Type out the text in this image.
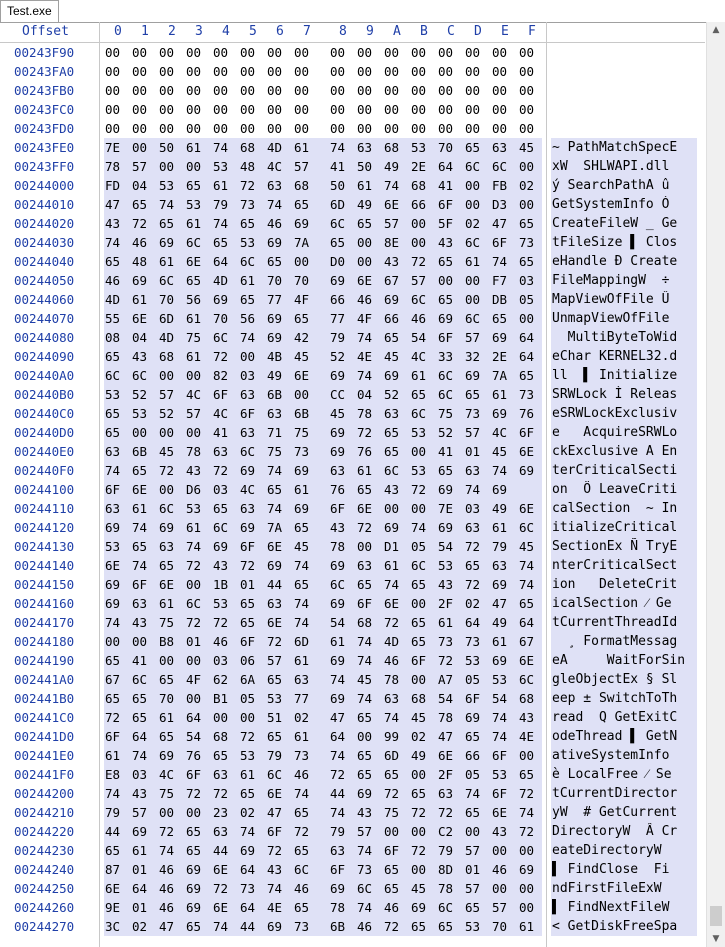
Test.exe
Offset	0 1 2 3 4 5 6 7 8 9 A B C D E F
00243F90 00 00 00 00 00 00 00 00 00 00 00 00 00 00 00 00
00243FA0 00 00 00 00 00 00 00 00 00 00 00 00 00 00 00 00
00243FB0 00 00 00 00 00 00 00 00 00 00 00 00 00 00 00 00
00243FC0 00 00 00 00 00 00 00 00 00 00 00 00 00 00 00 00
00243FD0 00 00 00 00 00 00 00 00 00 00 00 00 00 00 00 00
00243FE0 7E 00 50 61 74 68 4D 61 74 63 68 53 70 65 63 45 ~ PathMatchSpecE
00243FF0 78 57 00 00 53 48 4C 57 41 50 49 2E 64 6C 6C 00 xW  SHLWAPI.dll
00244000 FD 04 53 65 61 72 63 68 50 61 74 68 41 00 FB 02 ý SearchPathA û
00244010 47 65 74 53 79 73 74 65 6D 49 6E 66 6F 00 D3 00 GetSystemInfo Ó
00244020 43 72 65 61 74 65 46 69 6C 65 57 00 5F 02 47 65 CreateFileW _ Ge
00244030 74 46 69 6C 65 53 69 7A 65 00 8E 00 43 6C 6F 73 tFileSize ▌ Clos
00244040 65 48 61 6E 64 6C 65 00 D0 00 43 72 65 61 74 65 eHandle Ð Create
00244050 46 69 6C 65 4D 61 70 70 69 6E 67 57 00 00 F7 03 FileMappingW  ÷
00244060 4D 61 70 56 69 65 77 4F 66 46 69 6C 65 00 DB 05 MapViewOfFile Û
00244070 55 6E 6D 61 70 56 69 65 77 4F 66 46 69 6C 65 00 UnmapViewOfFile
00244080 08 04 4D 75 6C 74 69 42 79 74 65 54 6F 57 69 64 MultiByteToWid
00244090 65 43 68 61 72 00 4B 45 52 4E 45 4C 33 32 2E 64 eChar KERNEL32.d
002440A0 6C 6C 00 00 82 03 49 6E 69 74 69 61 6C 69 7A 65 ll  ▌ Initialize
002440B0 53 52 57 4C 6F 63 6B 00 CC 04 52 65 6C 65 61 73 SRWLock Ì Releas
002440C0 65 53 52 57 4C 6F 63 6B 45 78 63 6C 75 73 69 76 eSRWLockExclusiv
002440D0 65 00 00 00 41 63 71 75 69 72 65 53 52 57 4C 6F e   AcquireSRWLo
002440E0 63 6B 45 78 63 6C 75 73 69 76 65 00 41 01 45 6E ckExclusive A En
002440F0 74 65 72 43 72 69 74 69 63 61 6C 53 65 63 74 69 terCriticalSecti
00244100 6F 6E 00 D6 03 4C 65 61 76 65 43 72 69 74 69	on  Ö LeaveCriti
00244110 63 61 6C 53 65 63 74 69 6F 6E 00 00 7E 03 49 6E calSection  ~ In
00244120 69 74 69 61 6C 69 7A 65 43 72 69 74 69 63 61 6C itializeCritical
00244130 53 65 63 74 69 6F 6E 45 78 00 D1 05 54 72 79 45 SectionEx Ñ TryE
00244140 6E 74 65 72 43 72 69 74 69 63 61 6C 53 65 63 74 nterCriticalSect
00244150 69 6F 6E 00 1B 01 44 65 6C 65 74 65 43 72 69 74 ion   DeleteCrit
00244160 69 63 61 6C 53 65 63 74 69 6F 6E 00 2F 02 47 65 icalSection ⁄ Ge
00244170 74 43 75 72 72 65 6E 74 54 68 72 65 61 64 49 64 tCurrentThreadId
00244180 00 00 B8 01 46 6F 72 6D 61 74 4D 65 73 73 61 67 ¸ FormatMessag
00244190 65 41 00 00 03 06 57 61 69 74 46 6F 72 53 69 6E eA     WaitForSin
002441A0 67 6C 65 4F 62 6A 65 63 74 45 78 00 A7 05 53 6C gleObjectEx § Sl
002441B0 65 65 70 00 B1 05 53 77 69 74 63 68 54 6F 54 68 eep ± SwitchToTh
002441C0 72 65 61 64 00 00 51 02 47 65 74 45 78 69 74 43 read  Q GetExitC
002441D0 6F 64 65 54 68 72 65 61 64 00 99 02 47 65 74 4E odeThread ▌ GetN
002441E0 61 74 69 76 65 53 79 73 74 65 6D 49 6E 66 6F 00 ativeSystemInfo
002441F0 E8 03 4C 6F 63 61 6C 46 72 65 65 00 2F 05 53 65 è LocalFree ⁄ Se
00244200 74 43 75 72 72 65 6E 74 44 69 72 65 63 74 6F 72 tCurrentDirector
00244210 79 57 00 00 23 02 47 65 74 43 75 72 72 65 6E 74 yW  # GetCurrent
00244220 44 69 72 65 63 74 6F 72 79 57 00 00 C2 00 43 72 DirectoryW  Â Cr
00244230 65 61 74 65 44 69 72 65 63 74 6F 72 79 57 00 00 eateDirectoryW
00244240 87 01 46 69 6E 64 43 6C 6F 73 65 00 8D 01 46 69 ▌ FindClose  Fi
00244250 6E 64 46 69 72 73 74 46 69 6C 65 45 78 57 00 00 ndFirstFileExW
00244260 9E 01 46 69 6E 64 4E 65 78 74 46 69 6C 65 57 00 ▌ FindNextFileW
00244270 3C 02 47 65 74 44 69 73 6B 46 72 65 65 53 70 61 < GetDiskFreeSpa
▲
▼
